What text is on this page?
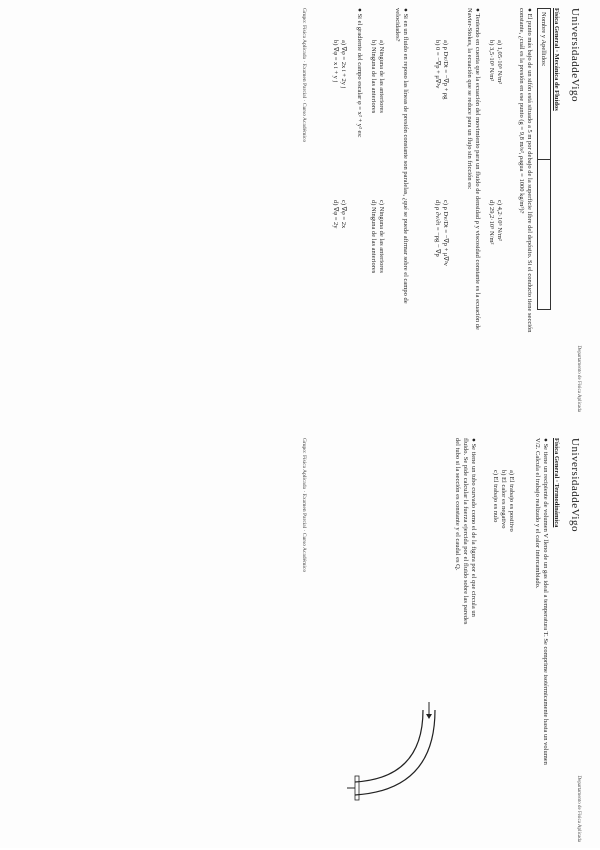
Universidad​de​Vigo
Departamento de Física Aplicada
Física General · Mecánica de Fluidos
Nombre y Apellidos:
● El punto más bajo de un sifón está situado a 5 m por debajo de la superficie libre del depósito. Si el conducto tiene sección constante, ¿cuál es la presión en ese punto (g = 9,8 m/s², ρagua = 1000 kg/m³)?
a) 1,05·10⁵ N/m²
b) 3,5·10⁵ N/m²
c) 4,2·10⁵ N/m²
d) 29,2·10⁵ N/m²
● Teniendo en cuenta que la ecuación del movimiento para un fluido de densidad ρ y viscosidad constante es la ecuación de Navier-Stokes, la ecuación que se reduce para un flujo sin fricción es:
a) ρ Dv/Dt = −∇p + ρg
b) 0 = −∇p + μ∇²v
c) ρ Dv/Dt = −∇p + μ∇²v
d) ρ ∂v/∂t = −ρg − ∇p
● Si en un fluido en reposo las líneas de presión constante son paralelas, ¿qué se puede afirmar sobre el campo de velocidades?
a) Ninguna de las anteriores
b) Ninguna de las anteriores
c) Ninguna de las anteriores
d) Ninguna de las anteriores
● Si el gradiente del campo escalar φ = x² + y² es:
a) ∇φ = 2x i + 2y j
b) ∇φ = x i + y j
c) ∇φ = 2x
d) ∇φ = 2y
Grupo: Física Aplicada · Examen Parcial · Curso Académico
Universidad​de​Vigo
Departamento de Física Aplicada
Física General · Termodinámica
● Se tiene un recipiente de volumen V lleno de un gas ideal a temperatura T. Se comprime isotérmicamente hasta un volumen V/2. Calcula el trabajo realizado y el calor intercambiado.
a) El trabajo es positivo
b) El calor es negativo
c) El trabajo es nulo
● Se tiene un tubo curvado como el de la figura por el que circula un fluido. Se pide calcular la fuerza ejercida por el fluido sobre las paredes del tubo si la sección es constante y el caudal es Q.
Grupo: Física Aplicada · Examen Parcial · Curso Académico
